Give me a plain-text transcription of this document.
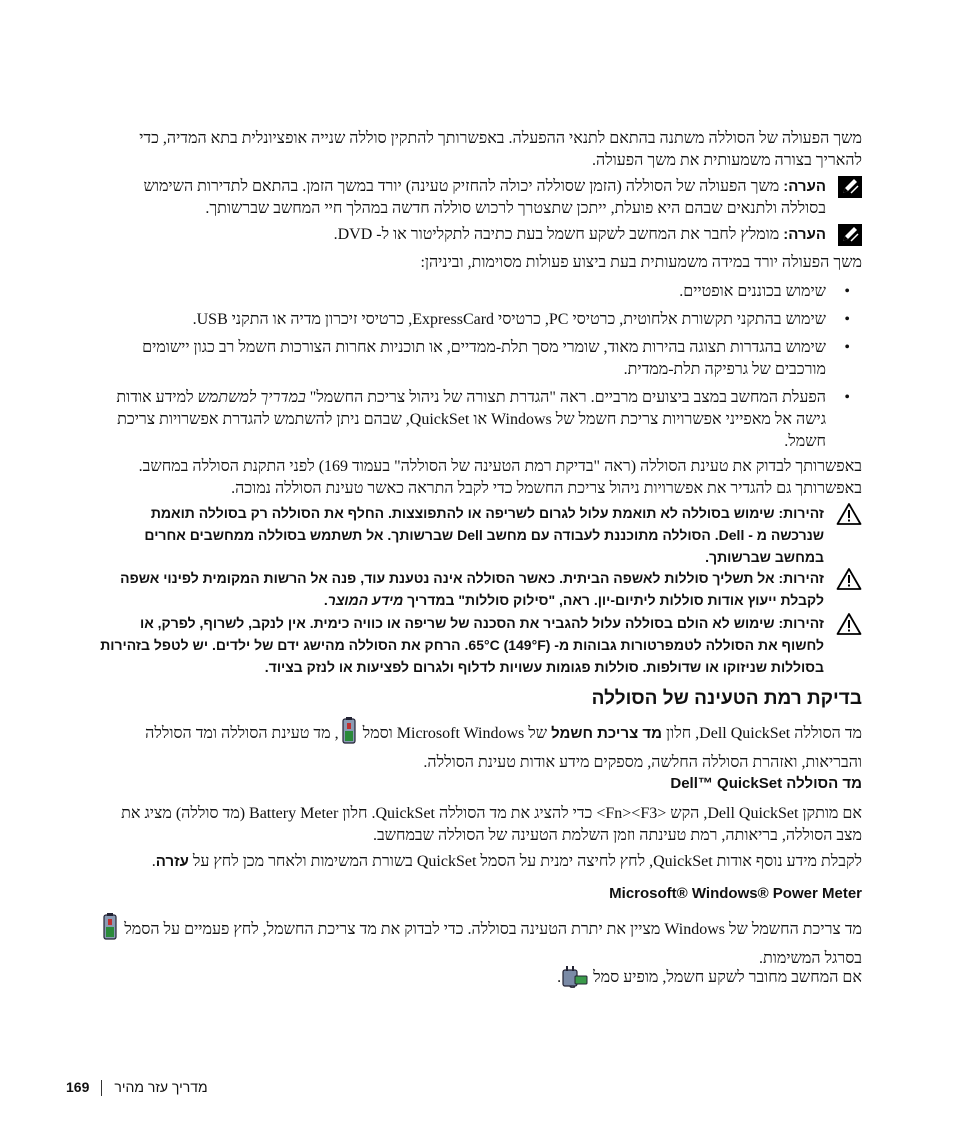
משך הפעולה של הסוללה משתנה בהתאם לתנאי ההפעלה. באפשרותך להתקין סוללה שנייה אופציונלית בתא המדיה, כדי להאריך בצורה משמעותית את משך הפעולה.

הערה: משך הפעולה של הסוללה (הזמן שסוללה יכולה להחזיק טעינה) יורד במשך הזמן. בהתאם לתדירות השימוש בסוללה ולתנאים שבהם היא פועלת, ייתכן שתצטרך לרכוש סוללה חדשה במהלך חיי המחשב שברשותך.

הערה: מומלץ לחבר את המחשב לשקע חשמל בעת כתיבה לתקליטור או ל- DVD.

משך הפעולה יורד במידה משמעותית בעת ביצוע פעולות מסוימות, וביניהן:

• שימוש בכוננים אופטיים.
• שימוש בהתקני תקשורת אלחוטית, כרטיסי PC, כרטיסי ExpressCard, כרטיסי זיכרון מדיה או התקני USB.
• שימוש בהגדרות תצוגה בהירות מאוד, שומרי מסך תלת-ממדיים, או תוכניות אחרות הצורכות חשמל רב כגון יישומים מורכבים של גרפיקה תלת-ממדית.
• הפעלת המחשב במצב ביצועים מרביים. ראה "הגדרת תצורה של ניהול צריכת החשמל" במדריך למשתמש למידע אודות גישה אל מאפייני אפשרויות צריכת חשמל של Windows או QuickSet, שבהם ניתן להשתמש להגדרת אפשרויות צריכת חשמל.

באפשרותך לבדוק את טעינת הסוללה (ראה "בדיקת רמת הטעינה של הסוללה" בעמוד 169) לפני התקנת הסוללה במחשב. באפשרותך גם להגדיר את אפשרויות ניהול צריכת החשמל כדי לקבל התראה כאשר טעינת הסוללה נמוכה.

זהירות: שימוש בסוללה לא תואמת עלול לגרום לשריפה או להתפוצצות. החלף את הסוללה רק בסוללה תואמת שנרכשה מ - Dell. הסוללה מתוכננת לעבודה עם מחשב Dell שברשותך. אל תשתמש בסוללה ממחשבים אחרים במחשב שברשותך.

זהירות: אל תשליך סוללות לאשפה הביתית. כאשר הסוללה אינה נטענת עוד, פנה אל הרשות המקומית לפינוי אשפה לקבלת ייעוץ אודות סוללות ליתיום-יון. ראה, "סילוק סוללות" במדריך מידע המוצר.

זהירות: שימוש לא הולם בסוללה עלול להגביר את הסכנה של שריפה או כוויה כימית. אין לנקב, לשרוף, לפרק, או לחשוף את הסוללה לטמפרטורות גבוהות מ- 65°C (149°F). הרחק את הסוללה מהישג ידם של ילדים. יש לטפל בזהירות בסוללות שניזוקו או שדולפות. סוללות פגומות עשויות לדלוף ולגרום לפציעות או לנזק בציוד.

בדיקת רמת הטעינה של הסוללה

מד הסוללה Dell QuickSet, חלון מד צריכת חשמל של Microsoft Windows וסמל , מד טעינת הסוללה ומד הסוללה והבריאות, ואזהרת הסוללה החלשה, מספקים מידע אודות טעינת הסוללה.

מד הסוללה Dell™ QuickSet

אם מותקן Dell QuickSet, הקש <Fn><F3> כדי להציג את מד הסוללה QuickSet. חלון Battery Meter (מד סוללה) מציג את מצב הסוללה, בריאותה, רמת טעינתה וזמן השלמת הטעינה של הסוללה שבמחשב.

לקבלת מידע נוסף אודות QuickSet, לחץ לחיצה ימנית על הסמל QuickSet בשורת המשימות ולאחר מכן לחץ על עזרה.

Microsoft® Windows® Power Meter

מד צריכת החשמל של Windows מציין את יתרת הטעינה בסוללה. כדי לבדוק את מד צריכת החשמל, לחץ פעמיים על הסמל  בסרגל המשימות.

אם המחשב מחובר לשקע חשמל, מופיע סמל .

169 מדריך עזר מהיר
